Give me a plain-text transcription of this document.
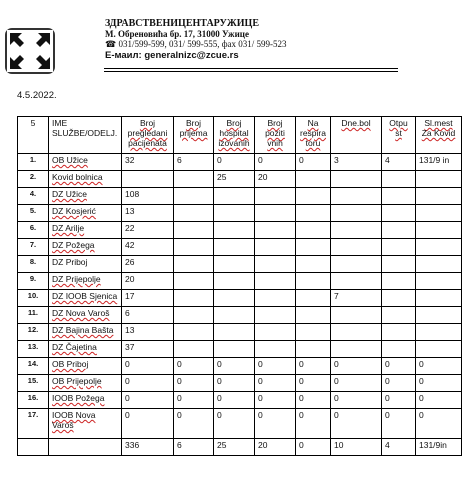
ЗДРАВСТВЕНИЦЕНТАРУЖИЦЕ
М. Обреновића бр. 17, 31000 Ужице
☎ 031/599-599, 031/ 599-555, фах 031/ 599-523
Е-маил: generalnizc@zcue.rs
4.5.2022.
5	IME SLUŽBE/ODELJ.	Broj pregledani pacijenata	Broj prijema	Broj hospital izovanih	Broj poziti vnih	Na respira toru	Dne.bol	Otpu st	Sl.mest Za Kovid
1.	OB Užice	32	6	0	0	0	3	4	131/9 in
2.	Kovid bolnica			25	20				
4.	DZ Užice	108							
5.	DZ Kosjerić	13							
6.	DZ Arilje	22							
7.	DZ Požega	42							
8.	DZ Priboj	26							
9.	DZ Prijepolje	20							
10.	DZ IOOB Sjenica	17					7		
11.	DZ Nova Varoš	6							
12.	DZ Bajina Bašta	13							
13.	DZ Čajetina	37							
14.	OB Priboj	0	0	0	0	0	0	0	0
15.	OB Prijepolje	0	0	0	0	0	0	0	0
16.	IOOB Požega	0	0	0	0	0	0	0	0
17.	IOOB Nova Varoš	0	0	0	0	0	0	0	0
		336	6	25	20	0	10	4	131/9in
